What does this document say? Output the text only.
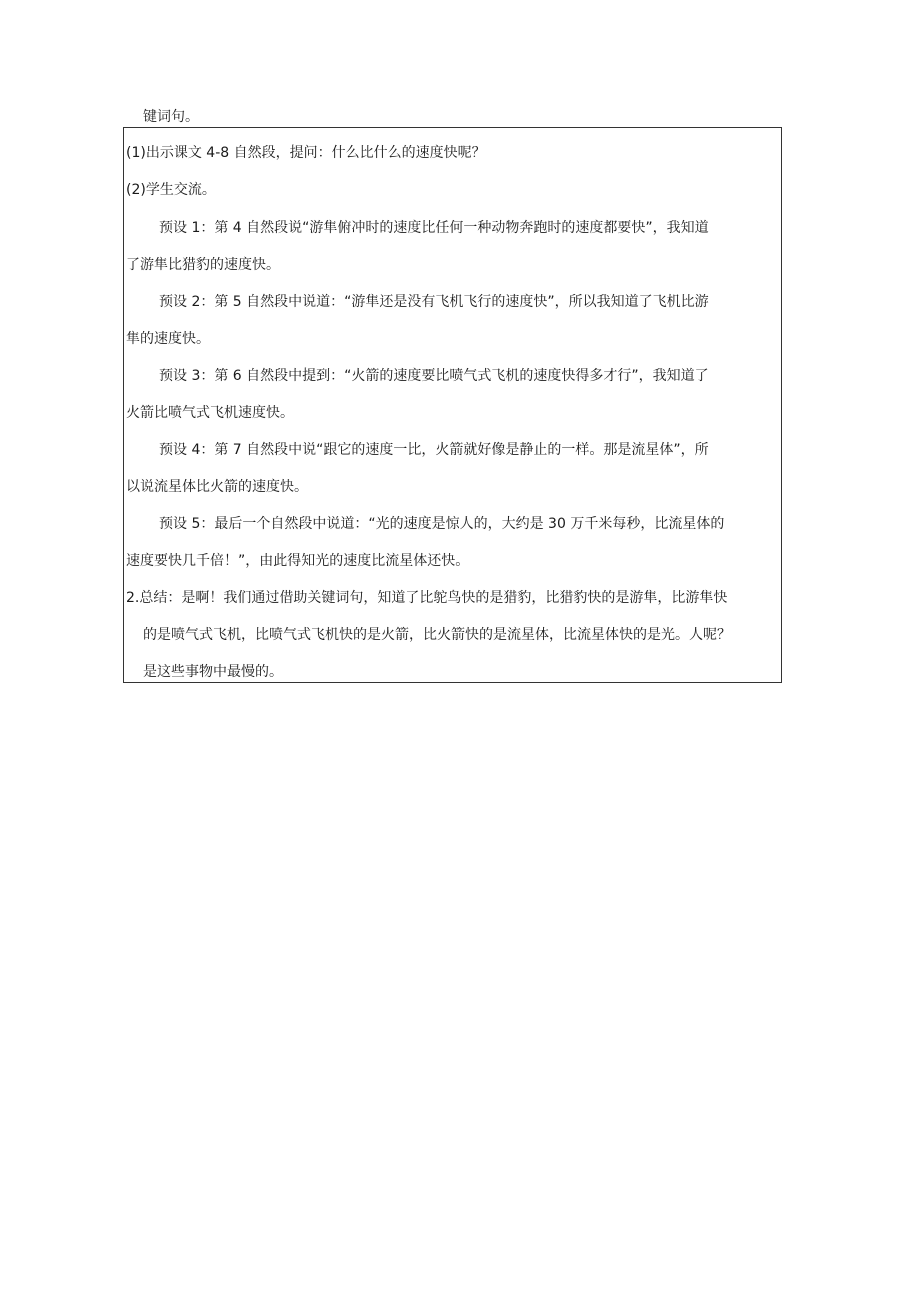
键词句。
(1)出示课文 4-8 自然段，提问：什么比什么的速度快呢？
(2)学生交流。
预设 1：第 4 自然段说“游隼俯冲时的速度比任何一种动物奔跑时的速度都要快”，我知道
了游隼比猎豹的速度快。
预设 2：第 5 自然段中说道：“游隼还是没有飞机飞行的速度快”，所以我知道了飞机比游
隼的速度快。
预设 3：第 6 自然段中提到：“火箭的速度要比喷气式飞机的速度快得多才行”，我知道了
火箭比喷气式飞机速度快。
预设 4：第 7 自然段中说“跟它的速度一比，火箭就好像是静止的一样。那是流星体”，所
以说流星体比火箭的速度快。
预设 5：最后一个自然段中说道：“光的速度是惊人的，大约是 30 万千米每秒，比流星体的
速度要快几千倍！”，由此得知光的速度比流星体还快。
2.总结：是啊！我们通过借助关键词句，知道了比鸵鸟快的是猎豹，比猎豹快的是游隼，比游隼快
的是喷气式飞机，比喷气式飞机快的是火箭，比火箭快的是流星体，比流星体快的是光。人呢？
是这些事物中最慢的。
